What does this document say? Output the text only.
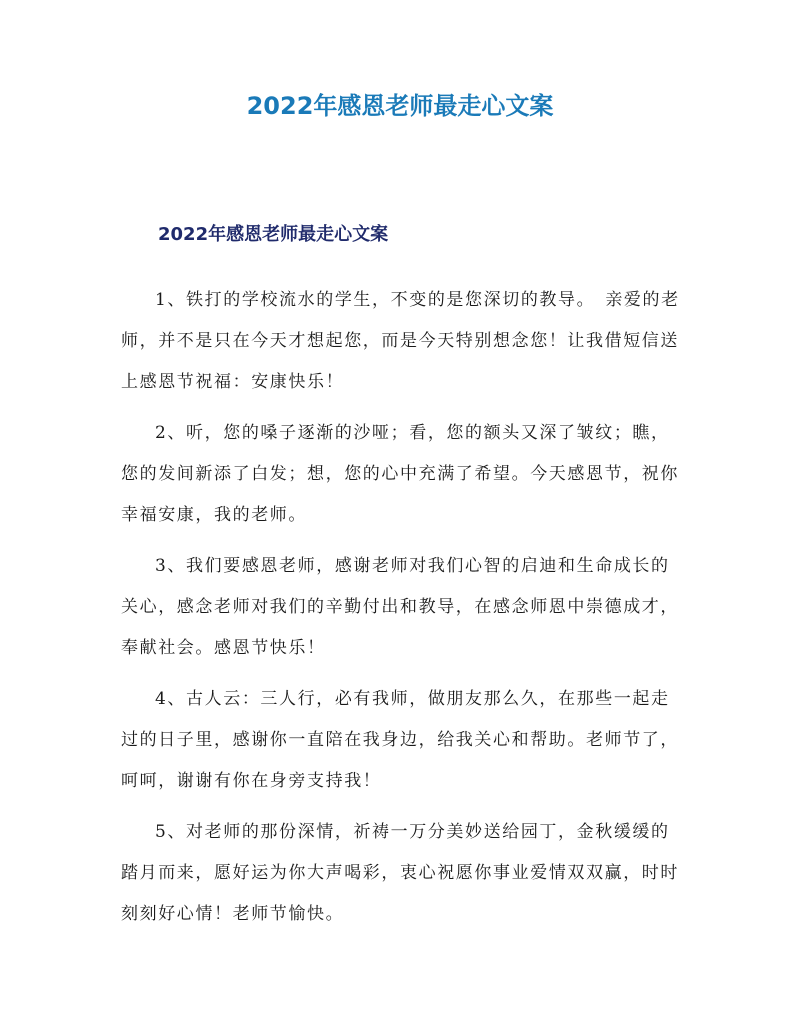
2022年感恩老师最走心文案
2022年感恩老师最走心文案

1、铁打的学校流水的学生，不变的是您深切的教导。　亲爱的老师，并不是只在今天才想起您，而是今天特别想念您！让我借短信送上感恩节祝福：安康快乐！

2、听，您的嗓子逐渐的沙哑；看，您的额头又深了皱纹；瞧，您的发间新添了白发；想，您的心中充满了希望。今天感恩节，祝你幸福安康，我的老师。

3、我们要感恩老师，感谢老师对我们心智的启迪和生命成长的关心，感念老师对我们的辛勤付出和教导，在感念师恩中崇德成才，奉献社会。感恩节快乐！

4、古人云：三人行，必有我师，做朋友那么久，在那些一起走过的日子里，感谢你一直陪在我身边，给我关心和帮助。老师节了，　呵呵，谢谢有你在身旁支持我！

5、对老师的那份深情，祈祷一万分美妙送给园丁，金秋缓缓的踏月而来，愿好运为你大声喝彩，衷心祝愿你事业爱情双双赢，时时刻刻好心情！老师节愉快。
